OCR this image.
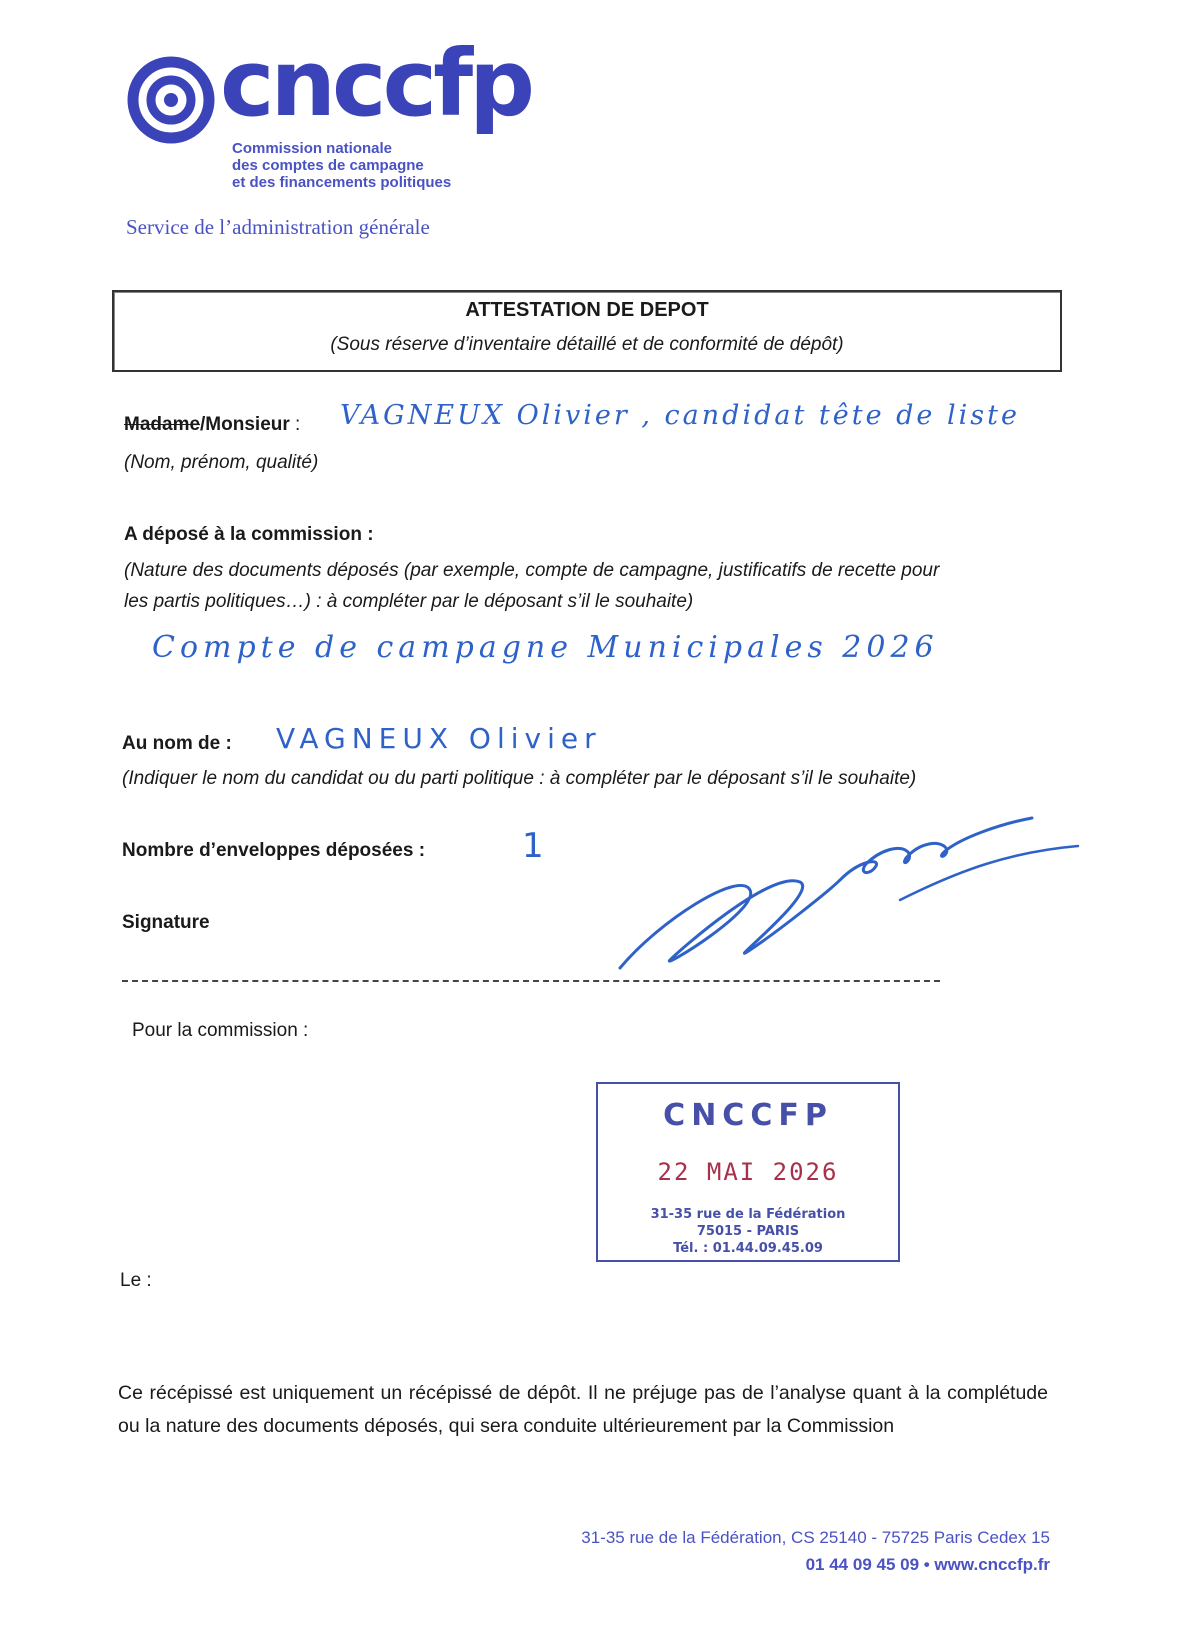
cnccfp
Commission nationale
des comptes de campagne
et des financements politiques
Service de l’administration générale
ATTESTATION DE DEPOT
(Sous réserve d’inventaire détaillé et de conformité de dépôt)
Madame/Monsieur : VAGNEUX Olivier , candidat tête de liste
(Nom, prénom, qualité)
A déposé à la commission :
(Nature des documents déposés (par exemple, compte de campagne, justificatifs de recette pour
les partis politiques…) : à compléter par le déposant s’il le souhaite)
Compte de campagne Municipales 2026
Au nom de : VAGNEUX Olivier
(Indiquer le nom du candidat ou du parti politique : à compléter par le déposant s’il le souhaite)
Nombre d’enveloppes déposées :	1
Signature
Pour la commission :
CNCCFP
22 MAI 2026
31-35 rue de la Fédération
75015 - PARIS
Tél. : 01.44.09.45.09
Le :
Ce récépissé est uniquement un récépissé de dépôt. Il ne préjuge pas de l’analyse quant à la complétude ou la nature des documents déposés, qui sera conduite ultérieurement par la Commission
31-35 rue de la Fédération, CS 25140 - 75725 Paris Cedex 15
01 44 09 45 09 • www.cnccfp.fr
